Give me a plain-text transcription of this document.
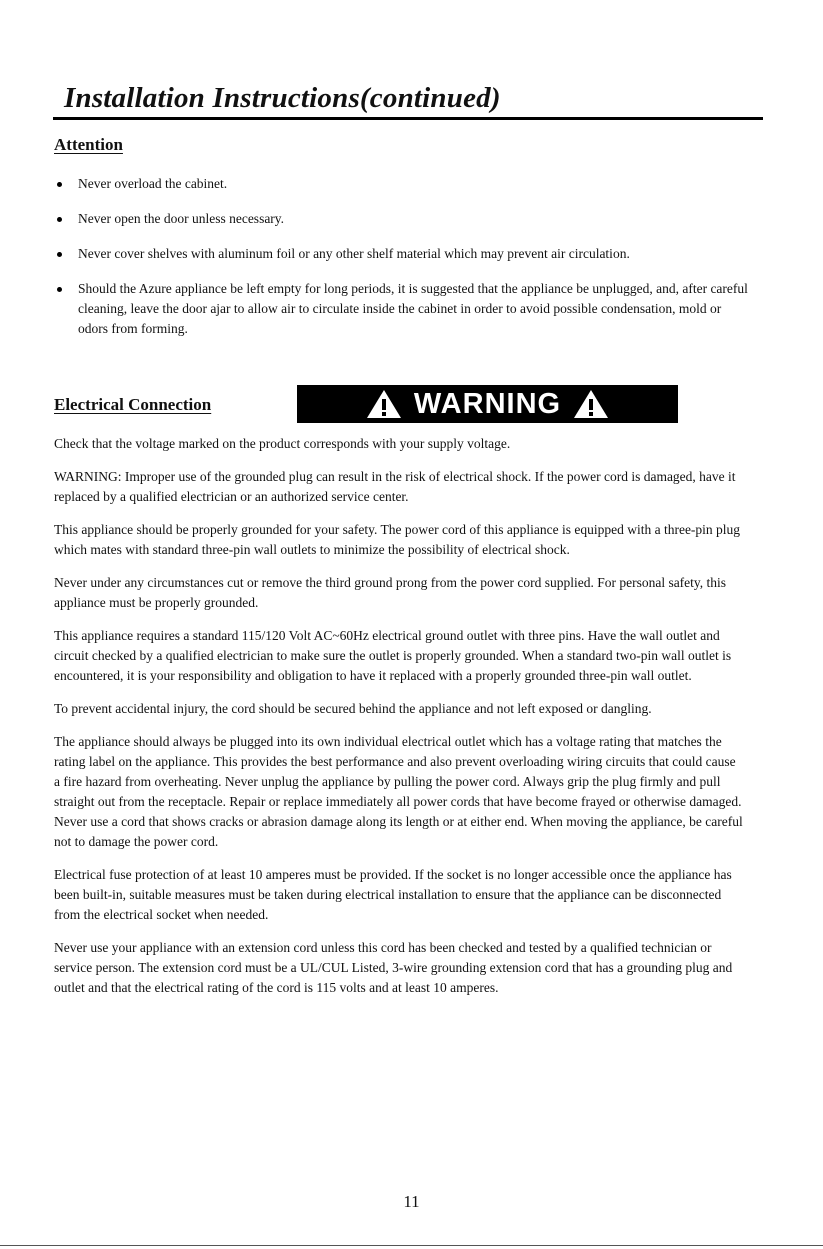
Installation Instructions(continued)
Attention
Never overload the cabinet.
Never open the door unless necessary.
Never cover shelves with aluminum foil or any other shelf material which may prevent air circulation.
Should the Azure appliance be left empty for long periods, it is suggested that the appliance be unplugged, and, after careful cleaning, leave the door ajar to allow air to circulate inside the cabinet in order to avoid possible condensation, mold or odors from forming.
Electrical Connection	WARNING

Check that the voltage marked on the product corresponds with your supply voltage.

WARNING: Improper use of the grounded plug can result in the risk of electrical shock. If the power cord is damaged, have it replaced by a qualified electrician or an authorized service center.

This appliance should be properly grounded for your safety. The power cord of this appliance is equipped with a three-pin plug which mates with standard three-pin wall outlets to minimize the possibility of electrical shock.

Never under any circumstances cut or remove the third ground prong from the power cord supplied. For personal safety, this appliance must be properly grounded.

This appliance requires a standard 115/120 Volt AC~60Hz electrical ground outlet with three pins. Have the wall outlet and circuit checked by a qualified electrician to make sure the outlet is properly grounded. When a standard two-pin wall outlet is encountered, it is your responsibility and obligation to have it replaced with a properly grounded three-pin wall outlet.

To prevent accidental injury, the cord should be secured behind the appliance and not left exposed or dangling.

The appliance should always be plugged into its own individual electrical outlet which has a voltage rating that matches the rating label on the appliance. This provides the best performance and also prevent overloading wiring circuits that could cause a fire hazard from overheating. Never unplug the appliance by pulling the power cord. Always grip the plug firmly and pull straight out from the receptacle. Repair or replace immediately all power cords that have become frayed or otherwise damaged. Never use a cord that shows cracks or abrasion damage along its length or at either end. When moving the appliance, be careful not to damage the power cord.

Electrical fuse protection of at least 10 amperes must be provided. If the socket is no longer accessible once the appliance has been built-in, suitable measures must be taken during electrical installation to ensure that the appliance can be disconnected from the electrical socket when needed.

Never use your appliance with an extension cord unless this cord has been checked and tested by a qualified technician or service person. The extension cord must be a UL/CUL Listed, 3-wire grounding extension cord that has a grounding plug and outlet and that the electrical rating of the cord is 115 volts and at least 10 amperes.

11
